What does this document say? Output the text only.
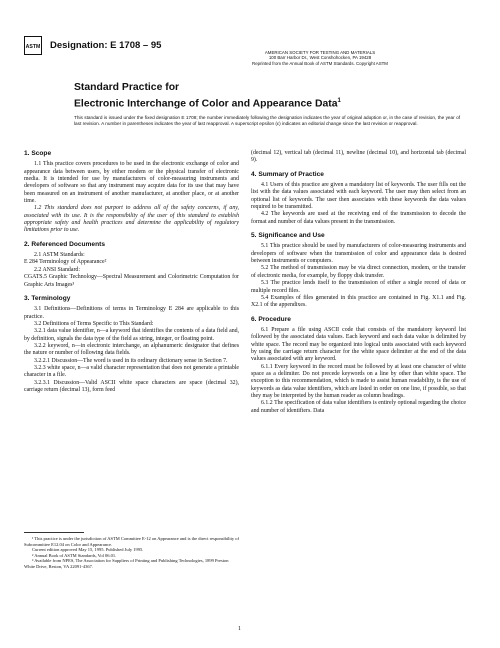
ASTM Designation: E 1708 – 95
AMERICAN SOCIETY FOR TESTING AND MATERIALS
100 Barr Harbor Dr., West Conshohocken, PA 19428
Reprinted from the Annual Book of ASTM Standards. Copyright ASTM
Standard Practice for
Electronic Interchange of Color and Appearance Data$^1$
This standard is issued under the fixed designation E 1708; the number immediately following the designation indicates the year of original adoption or, in the case of revision, the year of last revision. A number in parentheses indicates the year of last reapproval. A superscript epsilon (ε) indicates an editorial change since the last revision or reapproval.
1. Scope

1.1 This practice covers procedures to be used in the electronic exchange of color and appearance data between users, by either modem or the physical transfer of electronic media. It is intended for use by manufacturers of color-measuring instruments and developers of software so that any instrument may acquire data for its use that may have been measured on an instrument of another manufacturer, at another place, or at another time.

1.2 This standard does not purport to address all of the safety concerns, if any, associated with its use. It is the responsibility of the user of this standard to establish appropriate safety and health practices and determine the applicability of regulatory limitations prior to use.

2. Referenced Documents

2.1 ASTM Standards:

E 284 Terminology of Appearance²

2.2 ANSI Standard:

CGATS.5 Graphic Technology—Spectral Measurement and Colorimetric Computation for Graphic Arts Images³

3. Terminology

3.1 Definitions—Definitions of terms in Terminology E 284 are applicable to this practice.

3.2 Definitions of Terms Specific to This Standard:

3.2.1 data value identifier, n—a keyword that identifies the contents of a data field and, by definition, signals the data type of the field as string, integer, or floating point.

3.2.2 keyword, n—in electronic interchange, an alphanumeric designator that defines the nature or number of following data fields.

3.2.2.1 Discussion—The word is used in its ordinary dictionary sense in Section 7.

3.2.3 white space, n—a valid character representation that does not generate a printable character in a file.

3.2.3.1 Discussion—Valid ASCII white space characters are space (decimal 32), carriage return (decimal 13), form feed

¹ This practice is under the jurisdiction of ASTM Committee E-12 on Appearance and is the direct responsibility of Subcommittee E12.04 on Color and Appearance.

Current edition approved May 15, 1995. Published July 1995.

² Annual Book of ASTM Standards, Vol 06.01.

³ Available from NPES, The Association for Suppliers of Printing and Publishing Technologies, 1899 Preston White Drive, Reston, VA 22091-4367.

(decimal 12), vertical tab (decimal 11), newline (decimal 10), and horizontal tab (decimal 9).

4. Summary of Practice

4.1 Users of this practice are given a mandatory list of keywords. The user fills out the list with the data values associated with each keyword. The user may then select from an optional list of keywords. The user then associates with these keywords the data values required to be transmitted.

4.2 The keywords are used at the receiving end of the transmission to decode the format and number of data values present in the transmission.

5. Significance and Use

5.1 This practice should be used by manufacturers of color-measuring instruments and developers of software when the transmission of color and appearance data is desired between instruments or computers.

5.2 The method of transmission may be via direct connection, modem, or the transfer of electronic media, for example, by floppy disk transfer.

5.3 The practice lends itself to the transmission of either a single record of data or multiple record files.

5.4 Examples of files generated in this practice are contained in Fig. X1.1 and Fig. X2.1 of the appendixes.

6. Procedure

6.1 Prepare a file using ASCII code that consists of the mandatory keyword list followed by the associated data values. Each keyword and each data value is delimited by white space. The record may be organized into logical units associated with each keyword by using the carriage return character for the white space delimiter at the end of the data values associated with any keyword.

6.1.1 Every keyword in the record must be followed by at least one character of white space as a delimiter. Do not precede keywords on a line by other than white space. The exception to this recommendation, which is made to assist human readability, is the use of keywords as data value identifiers, which are listed in order on one line, if possible, so that they may be interpreted by the human reader as column headings.

6.1.2 The specification of data value identifiers is entirely optional regarding the choice and number of identifiers. Data

1
